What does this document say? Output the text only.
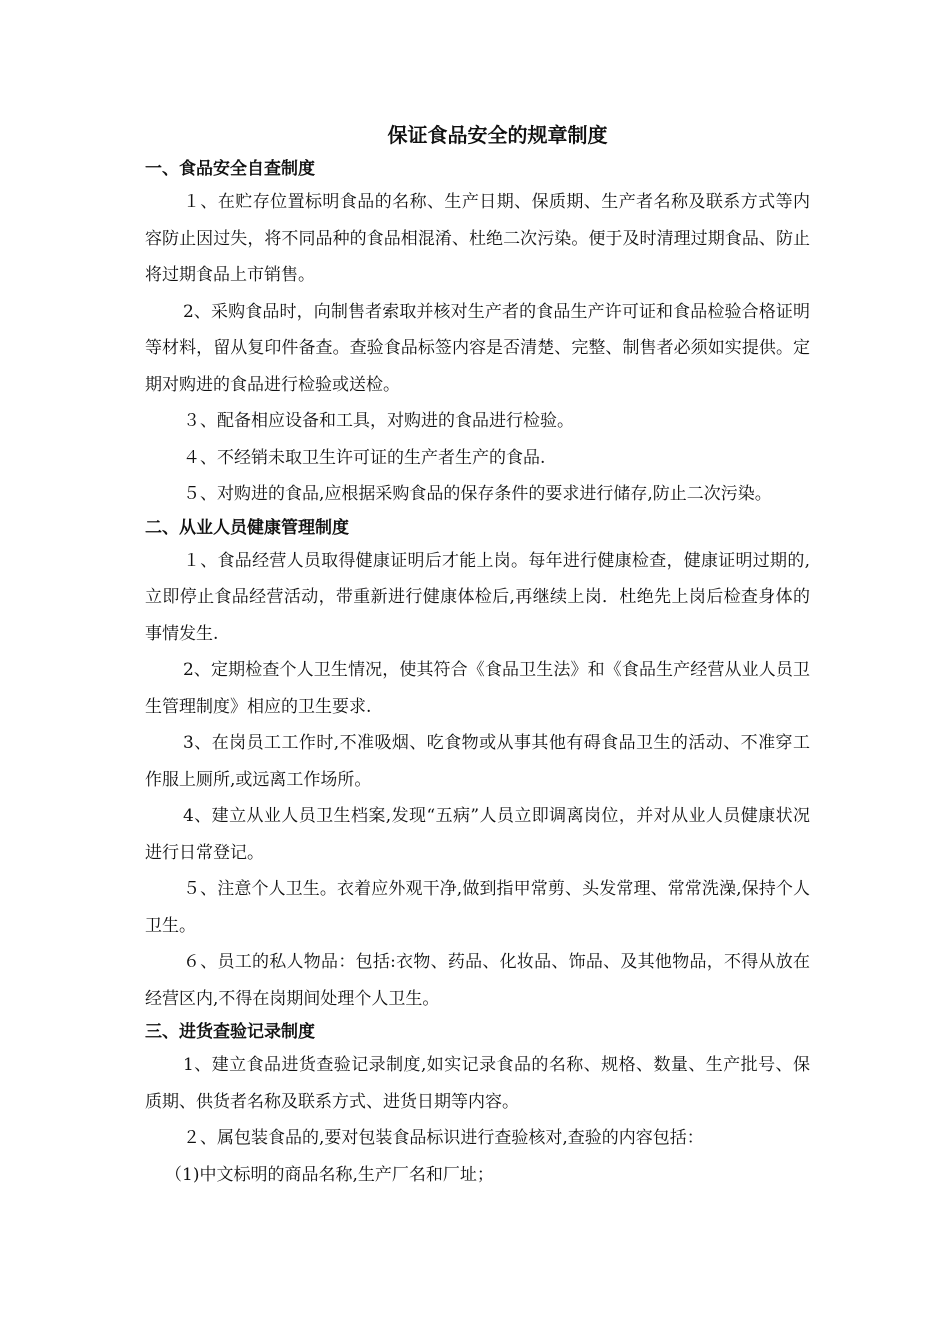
保证食品安全的规章制度
一、食品安全自查制度

１、在贮存位置标明食品的名称、生产日期、保质期、生产者名称及联系方式等内容防止因过失，将不同品种的食品相混淆、杜绝二次污染。便于及时清理过期食品、防止将过期食品上市销售。

2、采购食品时，向制售者索取并核对生产者的食品生产许可证和食品检验合格证明等材料，留从复印件备查。查验食品标签内容是否清楚、完整、制售者必须如实提供。定期对购进的食品进行检验或送检。

３、配备相应设备和工具，对购进的食品进行检验。

４、不经销未取卫生许可证的生产者生产的食品.

５、对购进的食品,应根据采购食品的保存条件的要求进行储存,防止二次污染。

二、从业人员健康管理制度

１、食品经营人员取得健康证明后才能上岗。每年进行健康检查，健康证明过期的,立即停止食品经营活动，带重新进行健康体检后,再继续上岗．杜绝先上岗后检查身体的事情发生.

2、定期检查个人卫生情况，使其符合《食品卫生法》和《食品生产经营从业人员卫生管理制度》相应的卫生要求.

3、在岗员工工作时,不准吸烟、吃食物或从事其他有碍食品卫生的活动、不准穿工作服上厕所,或远离工作场所。

4、建立从业人员卫生档案,发现“五病”人员立即调离岗位，并对从业人员健康状况进行日常登记。

５、注意个人卫生。衣着应外观干净,做到指甲常剪、头发常理、常常洗澡,保持个人卫生。

６、员工的私人物品：包括:衣物、药品、化妆品、饰品、及其他物品，不得从放在经营区内,不得在岗期间处理个人卫生。

三、进货查验记录制度

1、建立食品进货查验记录制度,如实记录食品的名称、规格、数量、生产批号、保质期、供货者名称及联系方式、进货日期等内容。

２、属包装食品的,要对包装食品标识进行查验核对,查验的内容包括：

（1)中文标明的商品名称,生产厂名和厂址；
